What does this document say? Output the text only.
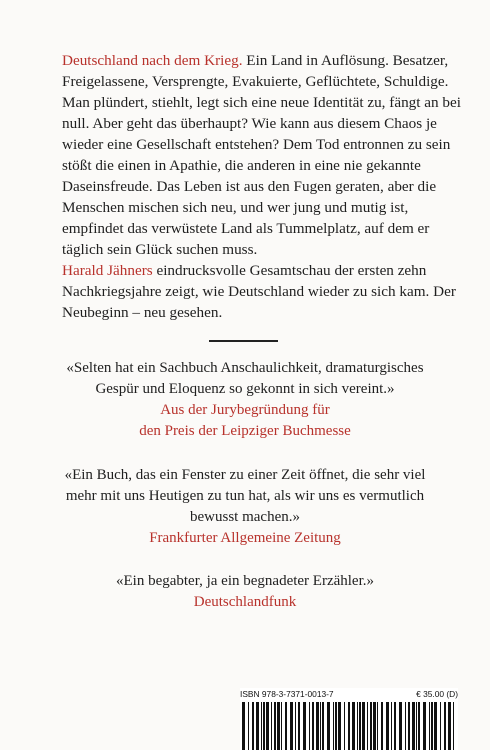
Deutschland nach dem Krieg. Ein Land in Auflösung. Besatzer, Freigelassene, Versprengte, Evakuierte, Geflüchtete, Schuldige. Man plündert, stiehlt, legt sich eine neue Identität zu, fängt an bei null. Aber geht das überhaupt? Wie kann aus diesem Chaos je wieder eine Gesellschaft entstehen? Dem Tod entronnen zu sein stößt die einen in Apathie, die anderen in eine nie gekannte Daseinsfreude. Das Leben ist aus den Fugen geraten, aber die Menschen mischen sich neu, und wer jung und mutig ist, empfindet das verwüstete Land als Tummelplatz, auf dem er täglich sein Glück suchen muss.

Harald Jähners eindrucksvolle Gesamtschau der ersten zehn Nachkriegsjahre zeigt, wie Deutschland wieder zu sich kam. Der Neubeginn – neu gesehen.

«Selten hat ein Sachbuch Anschaulichkeit, dramaturgisches Gespür und Eloquenz so gekonnt in sich vereint.»
Aus der Jurybegründung für
den Preis der Leipziger Buchmesse
«Ein Buch, das ein Fenster zu einer Zeit öffnet, die sehr viel mehr mit uns Heutigen zu tun hat, als wir uns es vermutlich bewusst machen.»
Frankfurter Allgemeine Zeitung
«Ein begabter, ja ein begnadeter Erzähler.»
Deutschlandfunk
ISBN 978-3-7371-0013-7	€ 35.00 (D)
